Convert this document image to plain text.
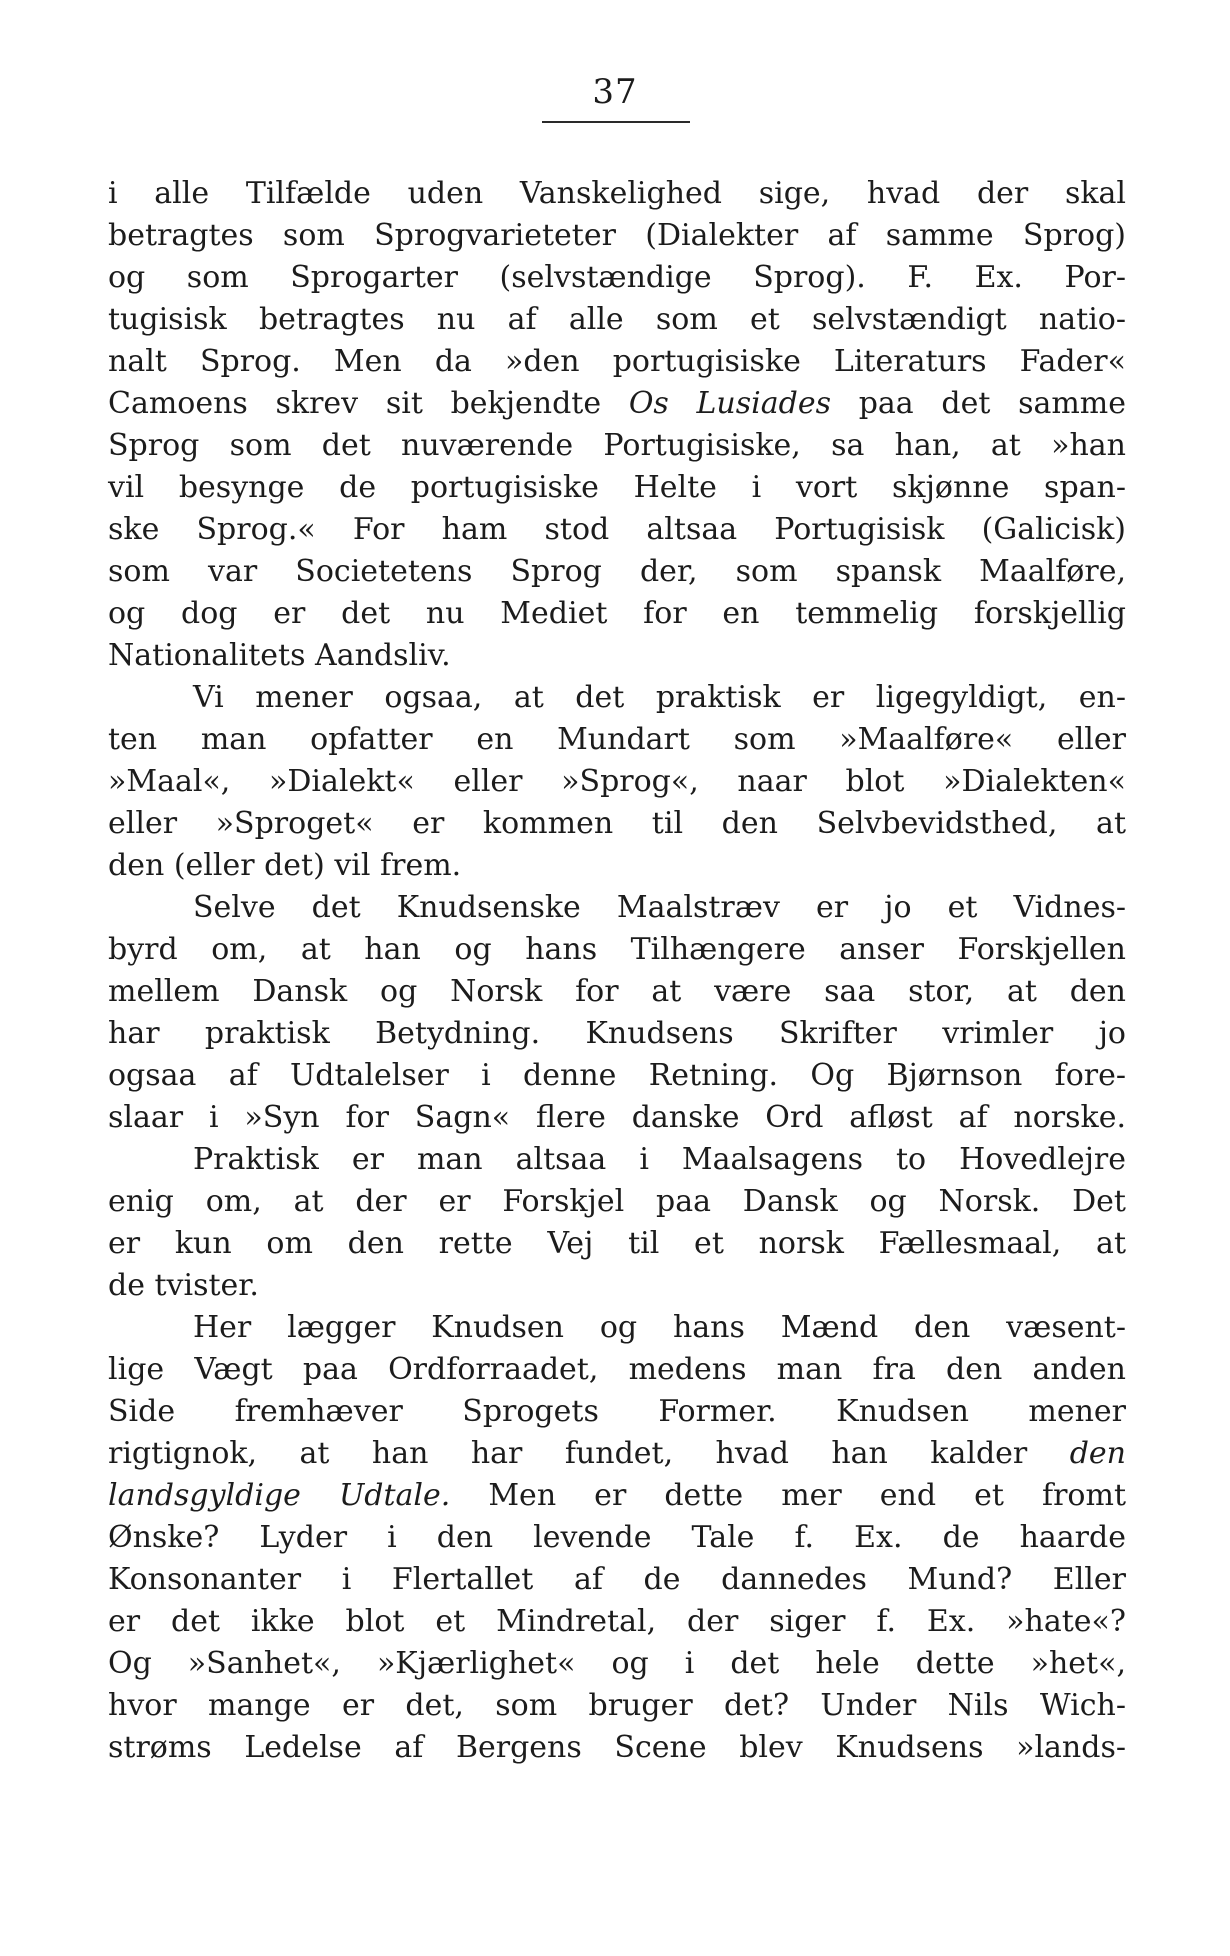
37
i alle Tilfælde uden Vanskelighed sige, hvad der skal
betragtes som Sprogvarieteter (Dialekter af samme Sprog)
og som Sprogarter (selvstændige Sprog). F. Ex. Por-
tugisisk betragtes nu af alle som et selvstændigt natio-
nalt Sprog. Men da »den portugisiske Literaturs Fader«
Camoens skrev sit bekjendte Os Lusiades paa det samme
Sprog som det nuværende Portugisiske, sa han, at »han
vil besynge de portugisiske Helte i vort skjønne span-
ske Sprog.« For ham stod altsaa Portugisisk (Galicisk)
som var Societetens Sprog der, som spansk Maalføre,
og dog er det nu Mediet for en temmelig forskjellig
Nationalitets Aandsliv.
Vi mener ogsaa, at det praktisk er ligegyldigt, en-
ten man opfatter en Mundart som »Maalføre« eller
»Maal«, »Dialekt« eller »Sprog«, naar blot »Dialekten«
eller »Sproget« er kommen til den Selvbevidsthed, at
den (eller det) vil frem.
Selve det Knudsenske Maalstræv er jo et Vidnes-
byrd om, at han og hans Tilhængere anser Forskjellen
mellem Dansk og Norsk for at være saa stor, at den
har praktisk Betydning. Knudsens Skrifter vrimler jo
ogsaa af Udtalelser i denne Retning. Og Bjørnson fore-
slaar i »Syn for Sagn« flere danske Ord afløst af norske.
Praktisk er man altsaa i Maalsagens to Hovedlejre
enig om, at der er Forskjel paa Dansk og Norsk. Det
er kun om den rette Vej til et norsk Fællesmaal, at
de tvister.
Her lægger Knudsen og hans Mænd den væsent-
lige Vægt paa Ordforraadet, medens man fra den anden
Side fremhæver Sprogets Former. Knudsen mener
rigtignok, at han har fundet, hvad han kalder den
landsgyldige Udtale. Men er dette mer end et fromt
Ønske? Lyder i den levende Tale f. Ex. de haarde
Konsonanter i Flertallet af de dannedes Mund? Eller
er det ikke blot et Mindretal, der siger f. Ex. »hate«?
Og »Sanhet«, »Kjærlighet« og i det hele dette »het«,
hvor mange er det, som bruger det? Under Nils Wich-
strøms Ledelse af Bergens Scene blev Knudsens »lands-
